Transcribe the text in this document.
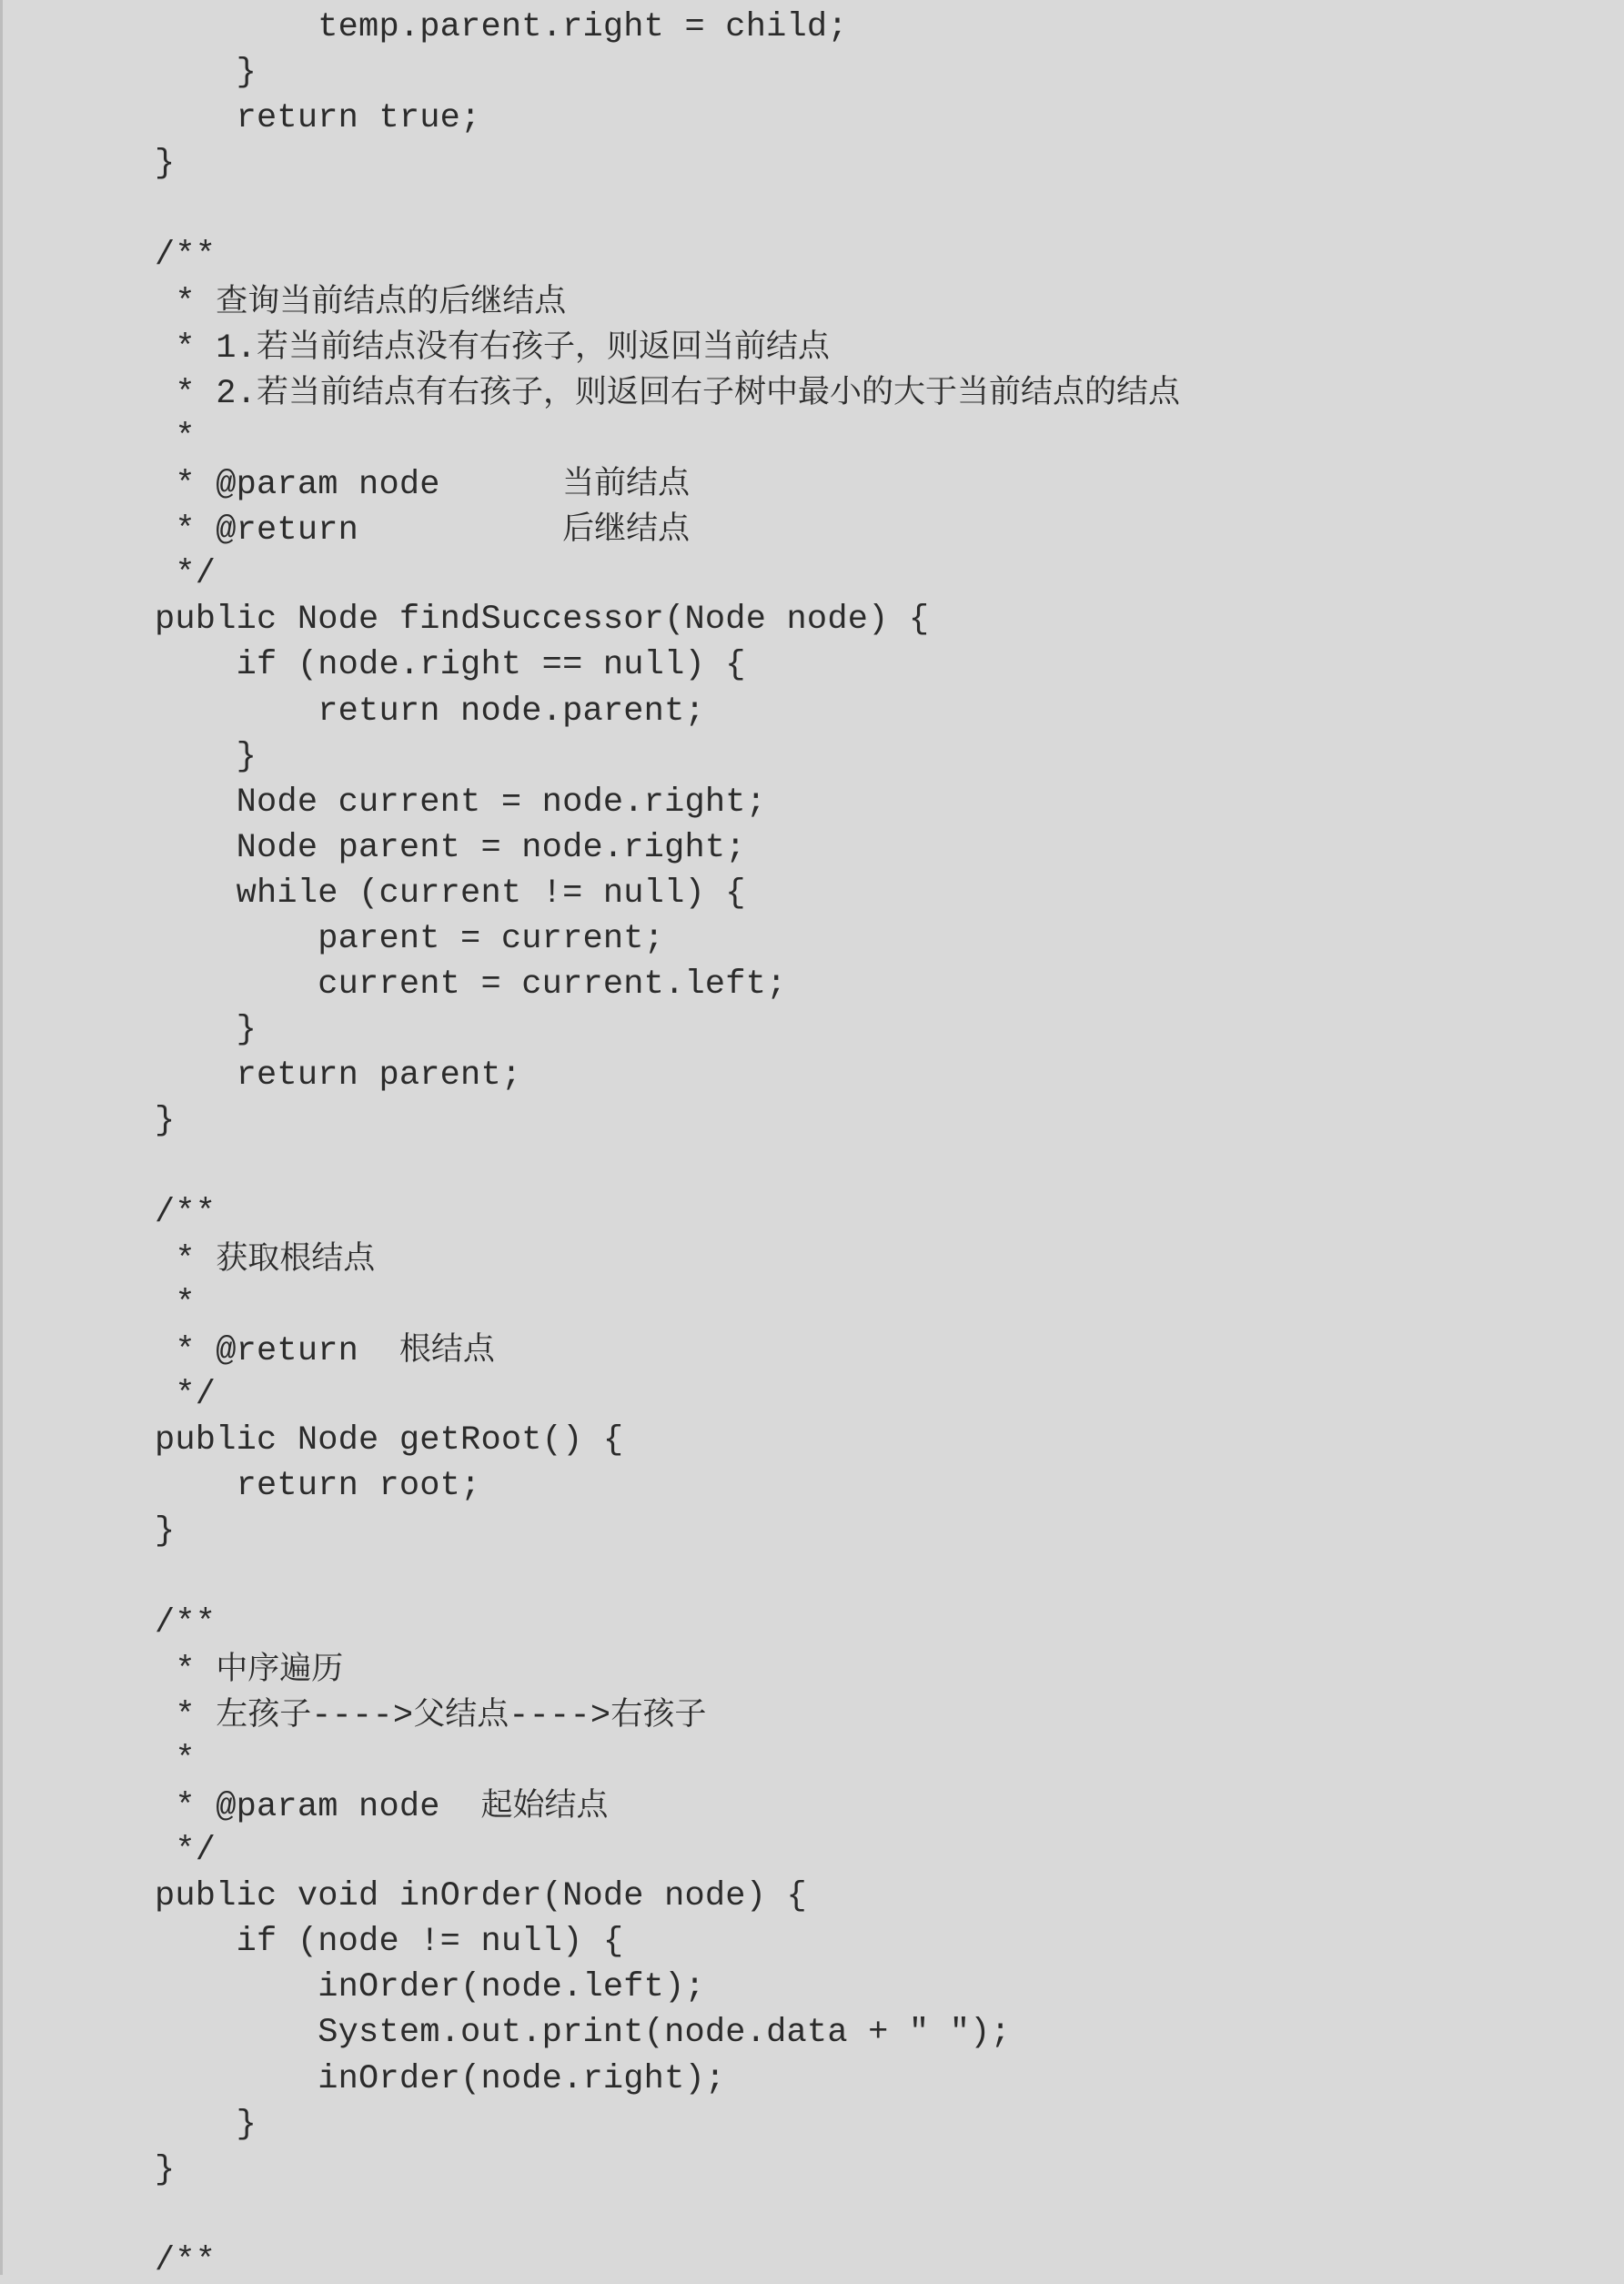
temp.parent.right = child;
}
return true;
}
/**
* 查询当前结点的后继结点
* 1.若当前结点没有右孩子，则返回当前结点
* 2.若当前结点有右孩子，则返回右子树中最小的大于当前结点的结点
*
* @param node      当前结点
* @return          后继结点
*/
public Node findSuccessor(Node node) {
if (node.right == null) {
return node.parent;
}
Node current = node.right;
Node parent = node.right;
while (current != null) {
parent = current;
current = current.left;
}
return parent;
}
/**
* 获取根结点
*
* @return  根结点
*/
public Node getRoot() {
return root;
}
/**
* 中序遍历
* 左孩子---->父结点---->右孩子
*
* @param node  起始结点
*/
public void inOrder(Node node) {
if (node != null) {
inOrder(node.left);
System.out.print(node.data + " ");
inOrder(node.right);
}
}
/**
